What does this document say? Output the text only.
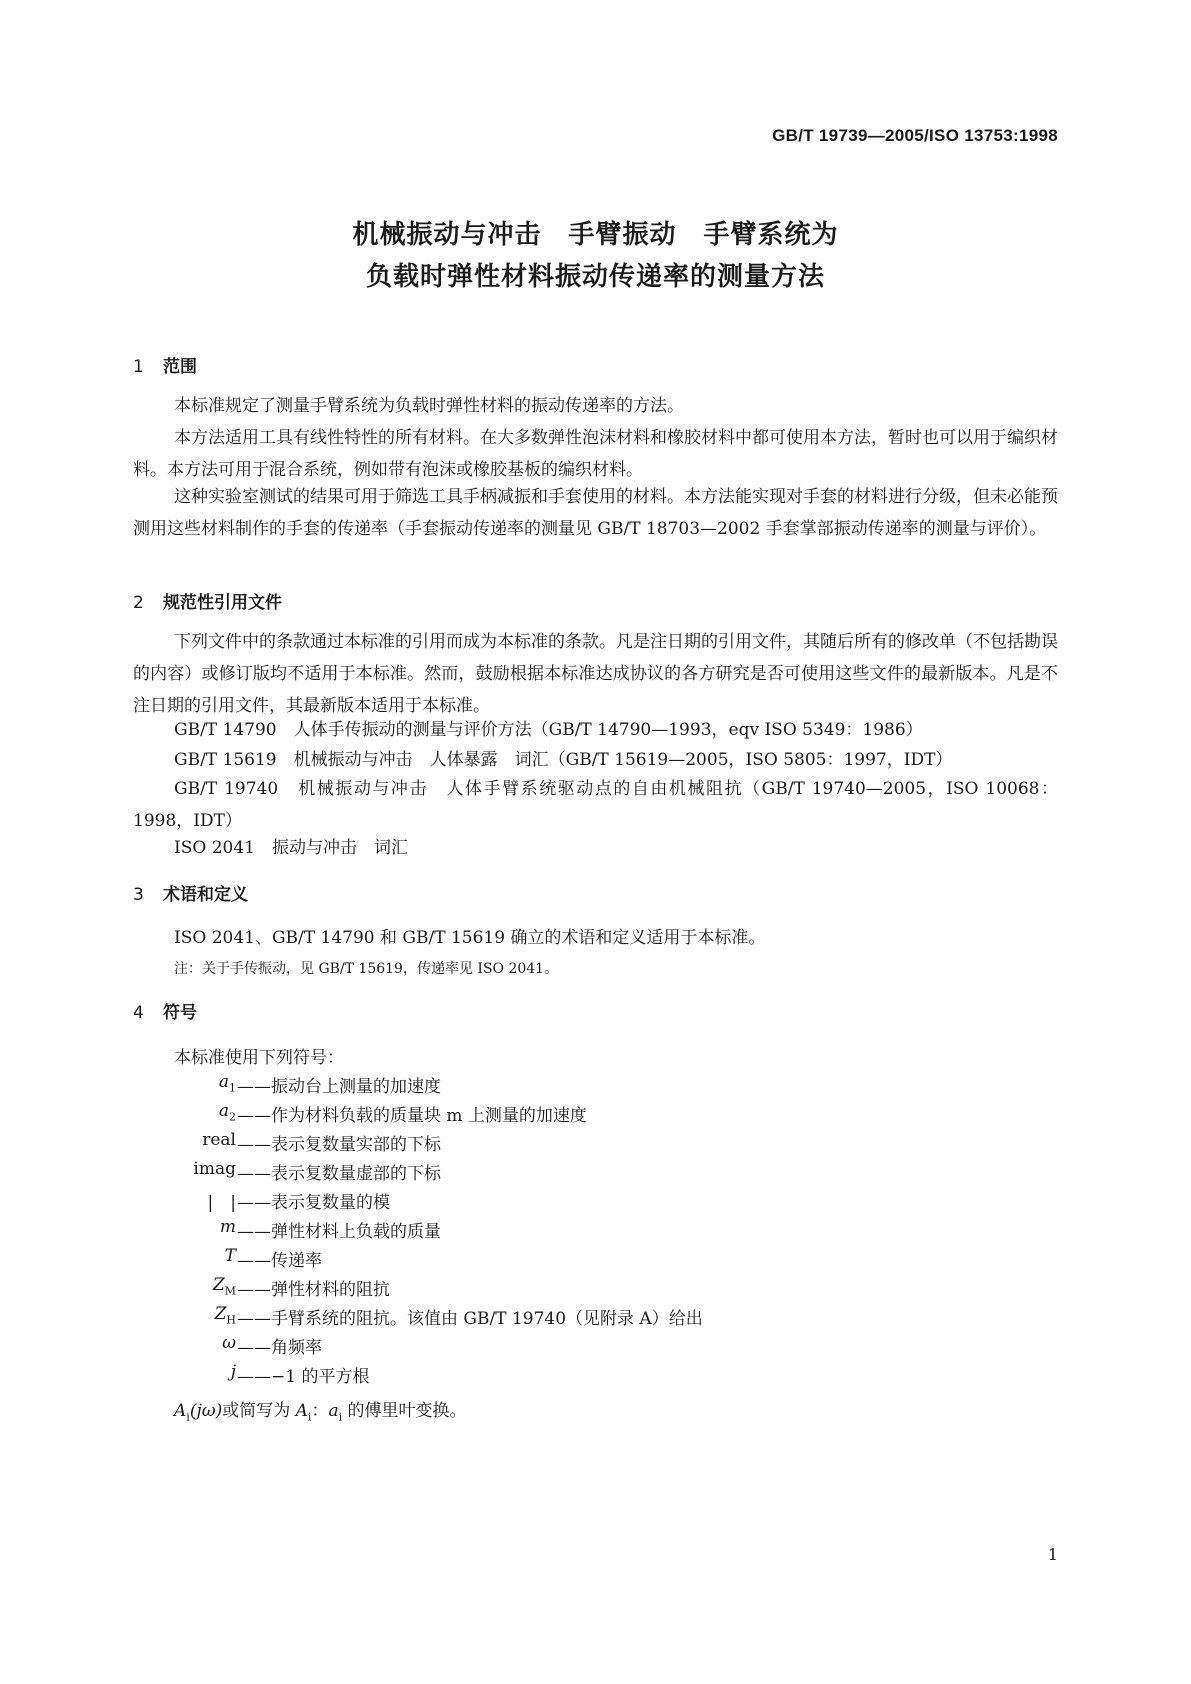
GB/T 19739—2005/ISO 13753:1998
机械振动与冲击　手臂振动　手臂系统为
负载时弹性材料振动传递率的测量方法
1 范围
本标准规定了测量手臂系统为负载时弹性材料的振动传递率的方法。
本方法适用工具有线性特性的所有材料。在大多数弹性泡沫材料和橡胶材料中都可使用本方法，暂时也可以用于编织材料。本方法可用于混合系统，例如带有泡沫或橡胶基板的编织材料。
这种实验室测试的结果可用于筛选工具手柄减振和手套使用的材料。本方法能实现对手套的材料进行分级，但未必能预测用这些材料制作的手套的传递率（手套振动传递率的测量见 GB/T 18703—2002 手套掌部振动传递率的测量与评价）。
2 规范性引用文件
下列文件中的条款通过本标准的引用而成为本标准的条款。凡是注日期的引用文件，其随后所有的修改单（不包括勘误的内容）或修订版均不适用于本标准。然而，鼓励根据本标准达成协议的各方研究是否可使用这些文件的最新版本。凡是不注日期的引用文件，其最新版本适用于本标准。
GB/T 14790　人体手传振动的测量与评价方法（GB/T 14790—1993，eqv ISO 5349：1986）
GB/T 15619　机械振动与冲击　人体暴露　词汇（GB/T 15619—2005，ISO 5805：1997，IDT）
GB/T 19740　机械振动与冲击　人体手臂系统驱动点的自由机械阻抗（GB/T 19740—2005，ISO 10068：1998，IDT）
ISO 2041　振动与冲击　词汇
3 术语和定义
ISO 2041、GB/T 14790 和 GB/T 15619 确立的术语和定义适用于本标准。
注：关于手传振动，见 GB/T 15619，传递率见 ISO 2041。
4 符号
本标准使用下列符号：
$a_1$ ——振动台上测量的加速度
$a_2$ ——作为材料负载的质量块 m 上测量的加速度
real ——表示复数量实部的下标
imag ——表示复数量虚部的下标
|　| ——表示复数量的模
m ——弹性材料上负载的质量
T ——传递率
$Z_M$ ——弹性材料的阻抗
$Z_H$ ——手臂系统的阻抗。该值由 GB/T 19740（见附录 A）给出
ω ——角频率
j ——−1 的平方根
$A_i(j\omega)$或简写为 $A_i$：$a_i$ 的傅里叶变换。
1
